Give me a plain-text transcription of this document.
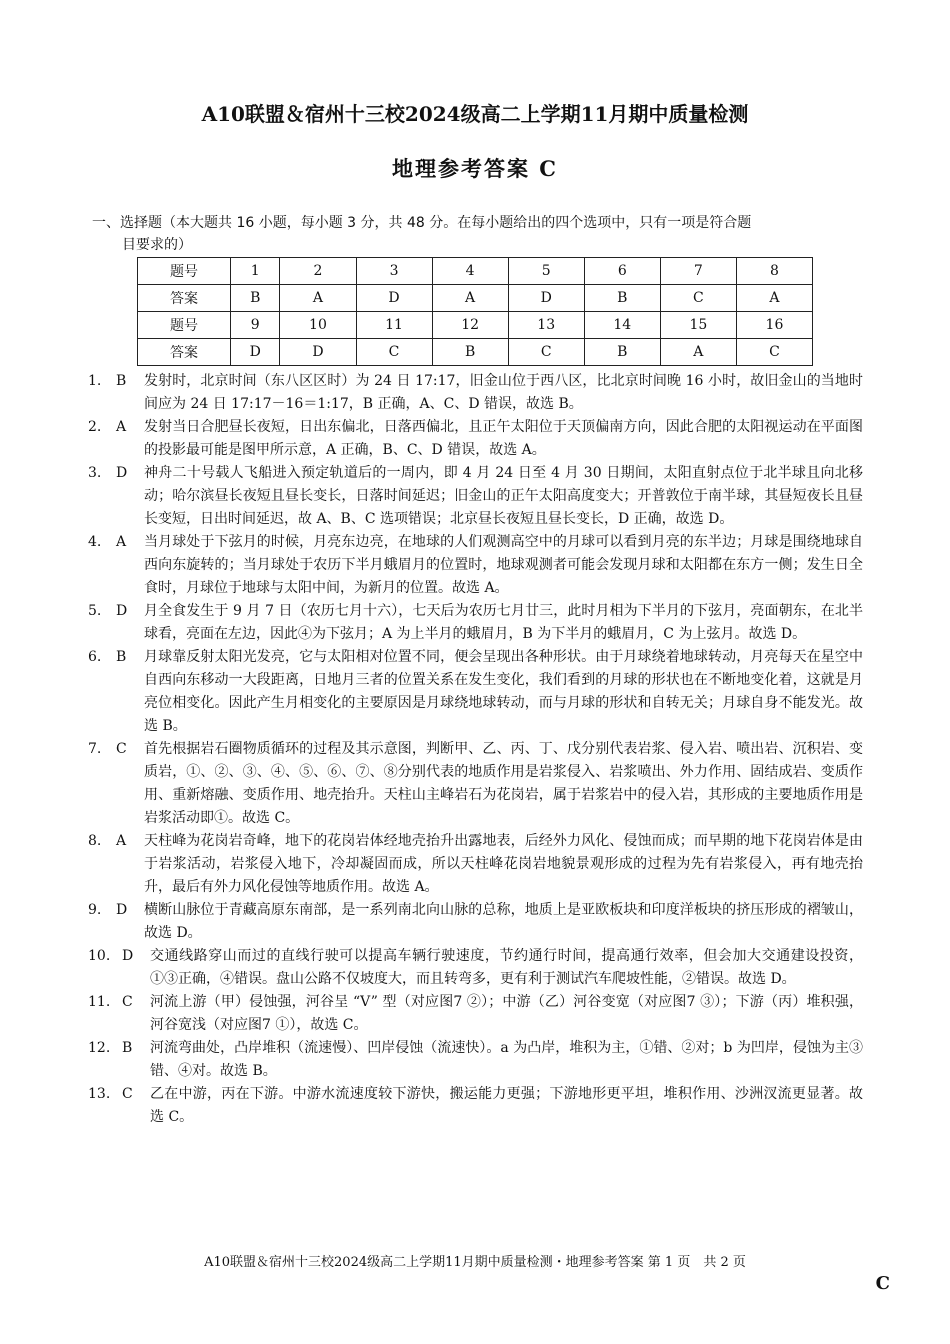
A10联盟＆宿州十三校2024级高二上学期11月期中质量检测
地理参考答案 C
一、选择题（本大题共 16 小题，每小题 3 分，共 48 分。在每小题给出的四个选项中，只有一项是符合题
目要求的）
题号	1	2	3	4	5	6	7	8
答案	B	A	D	A	D	B	C	A
题号	9	10	11	12	13	14	15	16
答案	D	D	C	B	C	B	A	C
1. B 发射时，北京时间（东八区区时）为 24 日 17:17，旧金山位于西八区，比北京时间晚 16 小时，故旧金山的当地时间应为 24 日 17:17－16＝1:17，B 正确，A、C、D 错误，故选 B。
2. A 发射当日合肥昼长夜短，日出东偏北，日落西偏北，且正午太阳位于天顶偏南方向，因此合肥的太阳视运动在平面图的投影最可能是图甲所示意，A 正确，B、C、D 错误，故选 A。
3. D 神舟二十号载人飞船进入预定轨道后的一周内，即 4 月 24 日至 4 月 30 日期间，太阳直射点位于北半球且向北移动；哈尔滨昼长夜短且昼长变长，日落时间延迟；旧金山的正午太阳高度变大；开普敦位于南半球，其昼短夜长且昼长变短，日出时间延迟，故 A、B、C 选项错误；北京昼长夜短且昼长变长，D 正确，故选 D。
4. A 当月球处于下弦月的时候，月亮东边亮，在地球的人们观测高空中的月球可以看到月亮的东半边；月球是围绕地球自西向东旋转的；当月球处于农历下半月蛾眉月的位置时，地球观测者可能会发现月球和太阳都在东方一侧；发生日全食时，月球位于地球与太阳中间，为新月的位置。故选 A。
5. D 月全食发生于 9 月 7 日（农历七月十六），七天后为农历七月廿三，此时月相为下半月的下弦月，亮面朝东，在北半球看，亮面在左边，因此④为下弦月；A 为上半月的蛾眉月，B 为下半月的蛾眉月，C 为上弦月。故选 D。
6. B 月球靠反射太阳光发亮，它与太阳相对位置不同，便会呈现出各种形状。由于月球绕着地球转动，月亮每天在星空中自西向东移动一大段距离，日地月三者的位置关系在发生变化，我们看到的月球的形状也在不断地变化着，这就是月亮位相变化。因此产生月相变化的主要原因是月球绕地球转动，而与月球的形状和自转无关；月球自身不能发光。故选 B。
7. C 首先根据岩石圈物质循环的过程及其示意图，判断甲、乙、丙、丁、戊分别代表岩浆、侵入岩、喷出岩、沉积岩、变质岩，①、②、③、④、⑤、⑥、⑦、⑧分别代表的地质作用是岩浆侵入、岩浆喷出、外力作用、固结成岩、变质作用、重新熔融、变质作用、地壳抬升。天柱山主峰岩石为花岗岩，属于岩浆岩中的侵入岩，其形成的主要地质作用是岩浆活动即①。故选 C。
8. A 天柱峰为花岗岩奇峰，地下的花岗岩体经地壳抬升出露地表，后经外力风化、侵蚀而成；而早期的地下花岗岩体是由于岩浆活动，岩浆侵入地下，冷却凝固而成，所以天柱峰花岗岩地貌景观形成的过程为先有岩浆侵入，再有地壳抬升，最后有外力风化侵蚀等地质作用。故选 A。
9. D 横断山脉位于青藏高原东南部，是一系列南北向山脉的总称，地质上是亚欧板块和印度洋板块的挤压形成的褶皱山，故选 D。
10. D 交通线路穿山而过的直线行驶可以提高车辆行驶速度，节约通行时间，提高通行效率，但会加大交通建设投资，①③正确，④错误。盘山公路不仅坡度大，而且转弯多，更有利于测试汽车爬坡性能，②错误。故选 D。
11. C 河流上游（甲）侵蚀强，河谷呈 “V” 型（对应图7 ②）；中游（乙）河谷变宽（对应图7 ③）；下游（丙）堆积强，河谷宽浅（对应图7 ①），故选 C。
12. B 河流弯曲处，凸岸堆积（流速慢）、凹岸侵蚀（流速快）。a 为凸岸，堆积为主，①错、②对；b 为凹岸，侵蚀为主③错、④对。故选 B。
13. C 乙在中游，丙在下游。中游水流速度较下游快，搬运能力更强；下游地形更平坦，堆积作用、沙洲汊流更显著。故选 C。
A10联盟＆宿州十三校2024级高二上学期11月期中质量检测・地理参考答案 第 1 页　共 2 页
C
